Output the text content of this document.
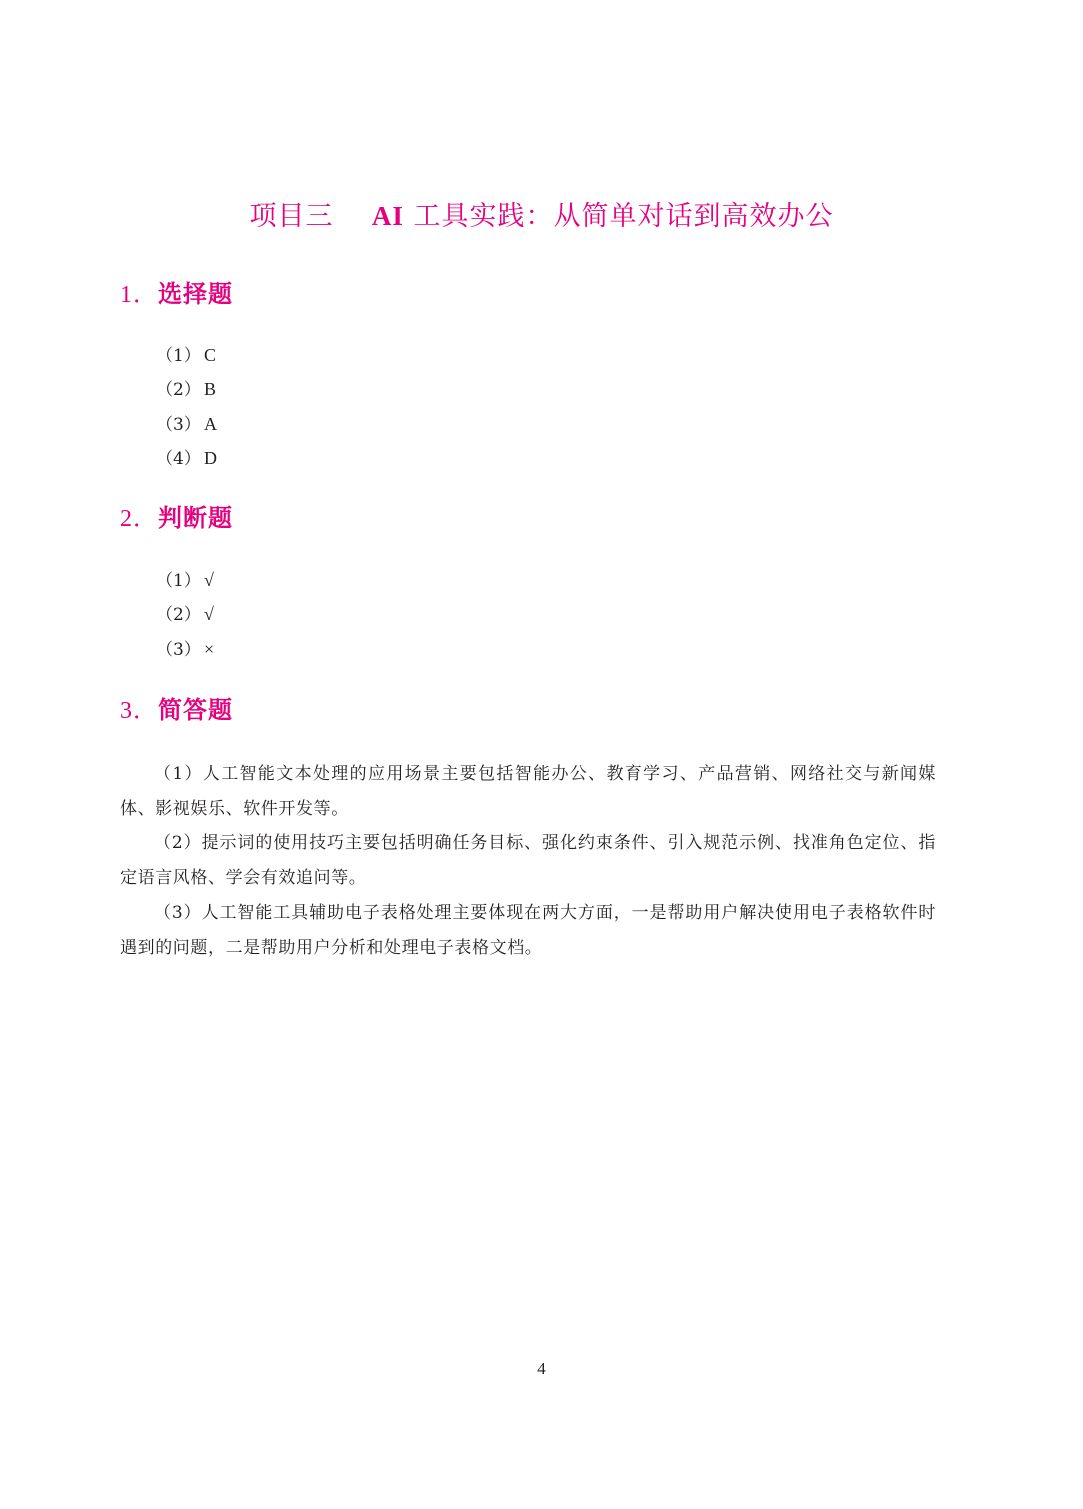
项目三 AI 工具实践：从简单对话到高效办公
1．选择题
（1） C
（2） B
（3） A
（4） D
2．判断题
（1） √
（2） √
（3） ×
3．简答题

（1）人工智能文本处理的应用场景主要包括智能办公、教育学习、产品营销、网络社交与新闻媒体、影视娱乐、软件开发等。

（2）提示词的使用技巧主要包括明确任务目标、强化约束条件、引入规范示例、找准角色定位、指定语言风格、学会有效追问等。

（3）人工智能工具辅助电子表格处理主要体现在两大方面，一是帮助用户解决使用电子表格软件时遇到的问题，二是帮助用户分析和处理电子表格文档。

4
